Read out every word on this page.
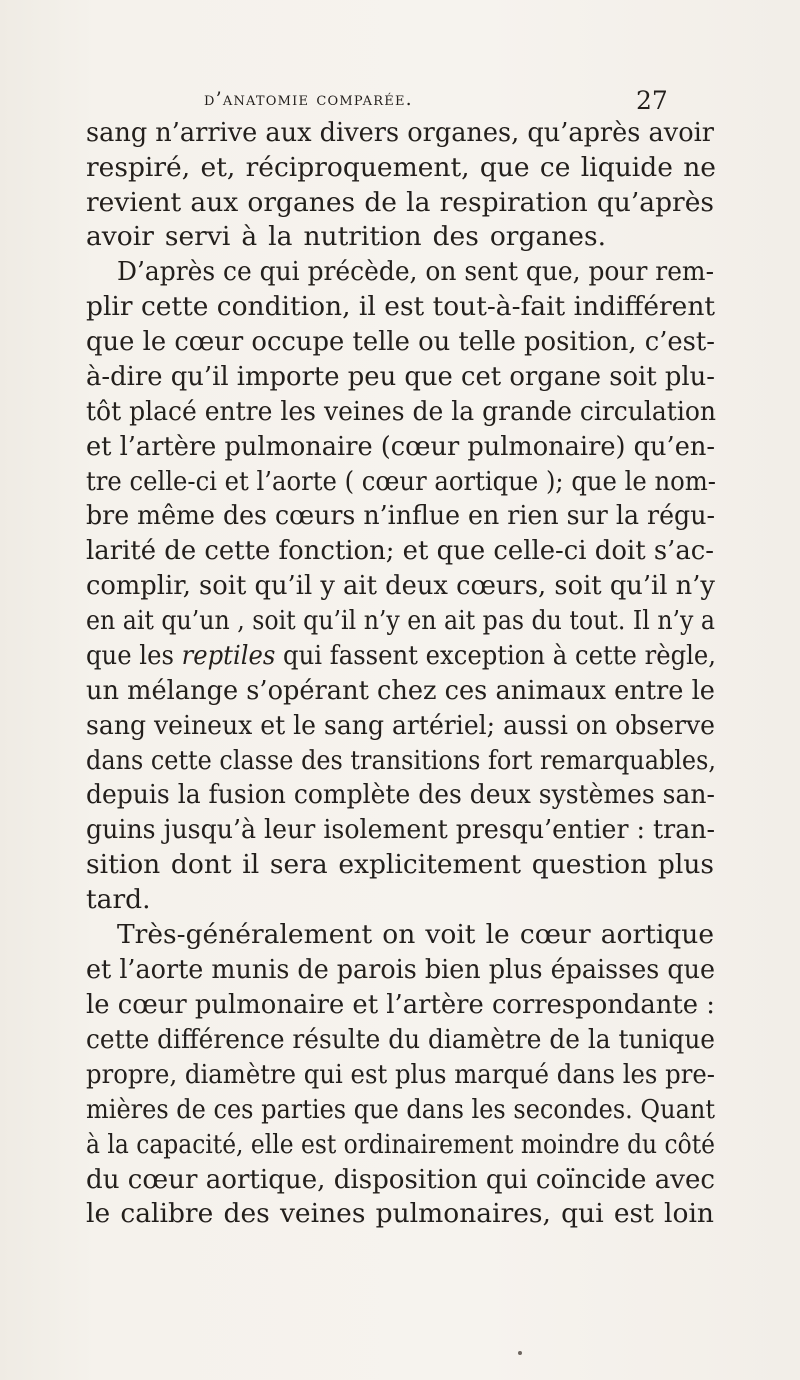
d’anatomie comparée.	27
sang n’arrive aux divers organes, qu’après avoir
respiré, et, réciproquement, que ce liquide ne
revient aux organes de la respiration qu’après
avoir servi à la nutrition des organes.
D’après ce qui précède, on sent que, pour rem-
plir cette condition, il est tout-à-fait indifférent
que le cœur occupe telle ou telle position, c’est-
à-dire qu’il importe peu que cet organe soit plu-
tôt placé entre les veines de la grande circulation
et l’artère pulmonaire (cœur pulmonaire) qu’en-
tre celle-ci et l’aorte ( cœur aortique ); que le nom-
bre même des cœurs n’influe en rien sur la régu-
larité de cette fonction; et que celle-ci doit s’ac-
complir, soit qu’il y ait deux cœurs, soit qu’il n’y
en ait qu’un , soit qu’il n’y en ait pas du tout. Il n’y a
que les reptiles qui fassent exception à cette règle,
un mélange s’opérant chez ces animaux entre le
sang veineux et le sang artériel; aussi on observe
dans cette classe des transitions fort remarquables,
depuis la fusion complète des deux systèmes san-
guins jusqu’à leur isolement presqu’entier : tran-
sition dont il sera explicitement question plus
tard.
Très-généralement on voit le cœur aortique
et l’aorte munis de parois bien plus épaisses que
le cœur pulmonaire et l’artère correspondante :
cette différence résulte du diamètre de la tunique
propre, diamètre qui est plus marqué dans les pre-
mières de ces parties que dans les secondes. Quant
à la capacité, elle est ordinairement moindre du côté
du cœur aortique, disposition qui coïncide avec
le calibre des veines pulmonaires, qui est loin
